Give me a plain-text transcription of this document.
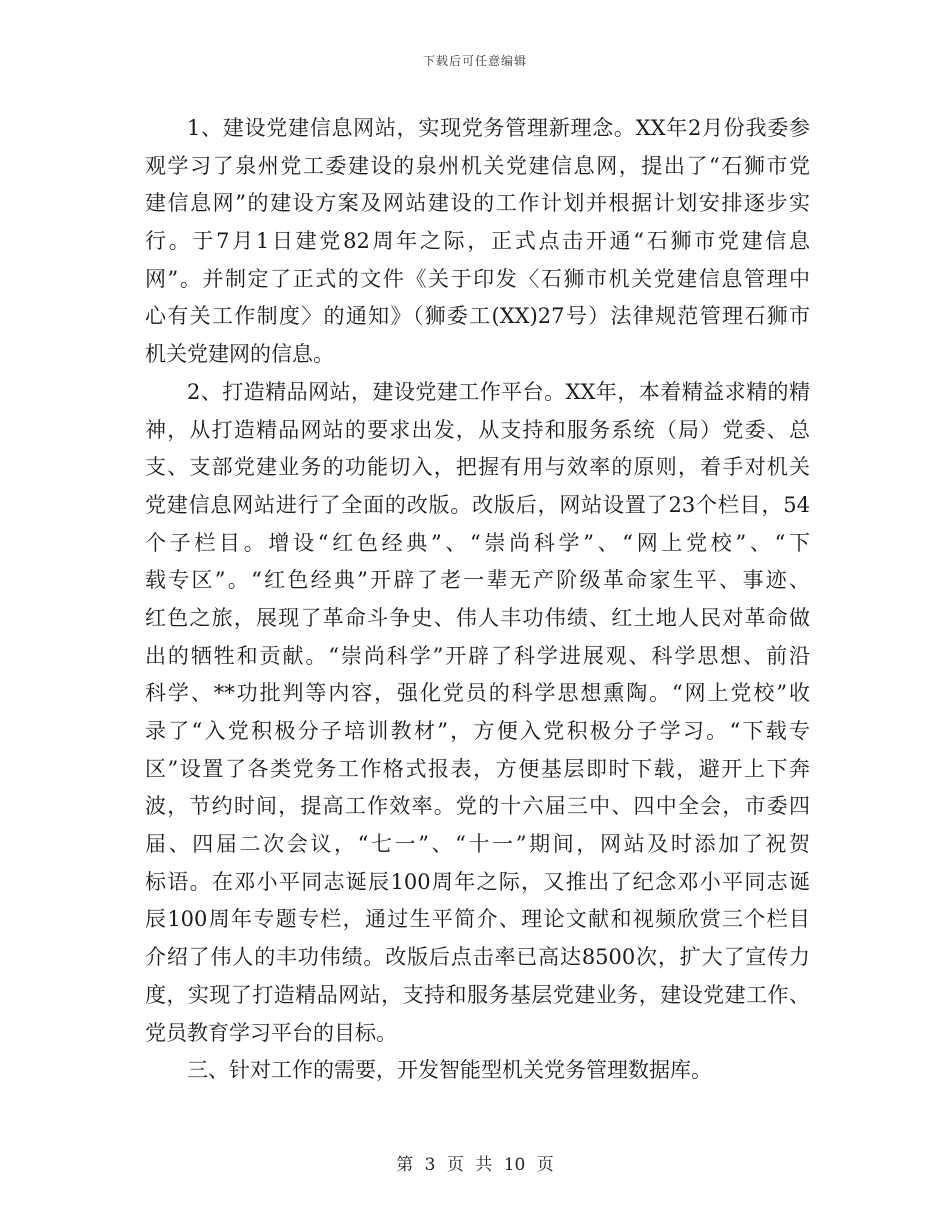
下载后可任意编辑
1、建设党建信息网站，实现党务管理新理念。XX年2月份我委参
观学习了泉州党工委建设的泉州机关党建信息网，提出了“石狮市党
建信息网”的建设方案及网站建设的工作计划并根据计划安排逐步实
行。于7月1日建党82周年之际，正式点击开通“石狮市党建信息
网”。并制定了正式的文件《关于印发〈石狮市机关党建信息管理中
心有关工作制度〉的通知》（狮委工(XX)27号）法律规范管理石狮市
机关党建网的信息。
2、打造精品网站，建设党建工作平台。XX年，本着精益求精的精
神，从打造精品网站的要求出发，从支持和服务系统（局）党委、总
支、支部党建业务的功能切入，把握有用与效率的原则，着手对机关
党建信息网站进行了全面的改版。改版后，网站设置了23个栏目，54
个子栏目。增设“红色经典”、“崇尚科学”、“网上党校”、“下
载专区”。“红色经典”开辟了老一辈无产阶级革命家生平、事迹、
红色之旅，展现了革命斗争史、伟人丰功伟绩、红土地人民对革命做
出的牺牲和贡献。“崇尚科学”开辟了科学进展观、科学思想、前沿
科学、**功批判等内容，强化党员的科学思想熏陶。“网上党校”收
录了“入党积极分子培训教材”，方便入党积极分子学习。“下载专
区”设置了各类党务工作格式报表，方便基层即时下载，避开上下奔
波，节约时间，提高工作效率。党的十六届三中、四中全会，市委四
届、四届二次会议，“七一”、“十一”期间，网站及时添加了祝贺
标语。在邓小平同志诞辰100周年之际，又推出了纪念邓小平同志诞
辰100周年专题专栏，通过生平简介、理论文献和视频欣赏三个栏目
介绍了伟人的丰功伟绩。改版后点击率已高达8500次，扩大了宣传力
度，实现了打造精品网站，支持和服务基层党建业务，建设党建工作、
党员教育学习平台的目标。
三、针对工作的需要，开发智能型机关党务管理数据库。
第 3 页 共 10 页
